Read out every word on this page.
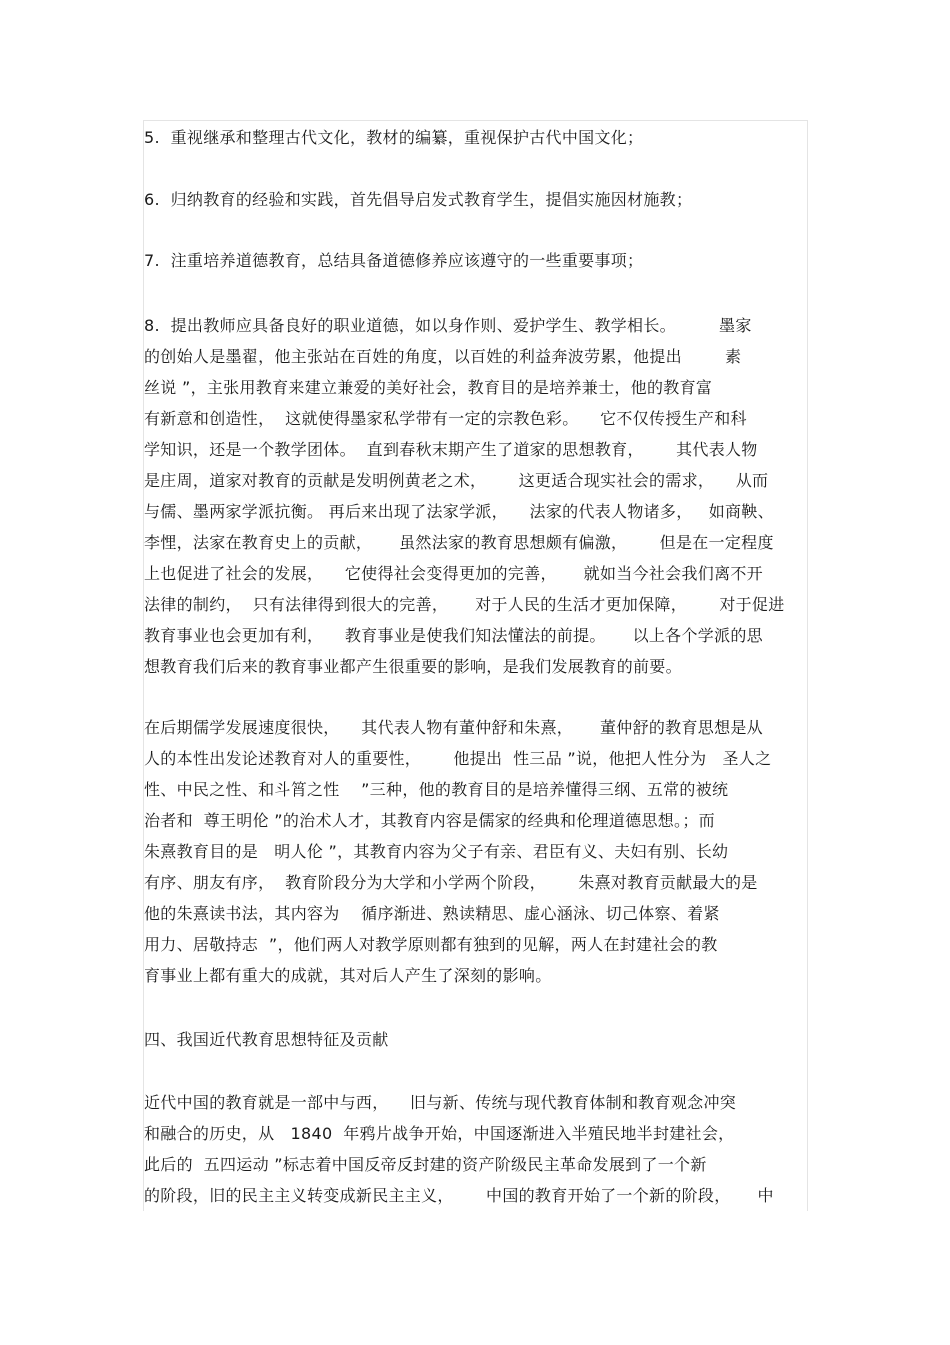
5.  重视继承和整理古代文化，教材的编纂，重视保护古代中国文化；
6.  归纳教育的经验和实践，首先倡导启发式教育学生，提倡实施因材施教；
7.  注重培养道德教育，总结具备道德修养应该遵守的一些重要事项；
8.  提出教师应具备良好的职业道德，如以身作则、爱护学生、教学相长。        墨家
的创始人是墨翟，他主张站在百姓的角度，以百姓的利益奔波劳累，他提出        素
丝说 ”，主张用教育来建立兼爱的美好社会，教育目的是培养兼士，他的教育富
有新意和创造性，  这就使得墨家私学带有一定的宗教色彩。    它不仅传授生产和科
学知识，还是一个教学团体。  直到春秋末期产生了道家的思想教育，      其代表人物
是庄周，道家对教育的贡献是发明例黄老之术，      这更适合现实社会的需求，    从而
与儒、墨两家学派抗衡。 再后来出现了法家学派，    法家的代表人物诸多，   如商鞅、
李悝，法家在教育史上的贡献，     虽然法家的教育思想颇有偏激，      但是在一定程度
上也促进了社会的发展，    它使得社会变得更加的完善，     就如当今社会我们离不开
法律的制约，  只有法律得到很大的完善，     对于人民的生活才更加保障，      对于促进
教育事业也会更加有利，    教育事业是使我们知法懂法的前提。     以上各个学派的思
想教育我们后来的教育事业都产生很重要的影响，是我们发展教育的前要。
在后期儒学发展速度很快，    其代表人物有董仲舒和朱熹，     董仲舒的教育思想是从
人的本性出发论述教育对人的重要性，      他提出  性三品 ”说，他把人性分为   圣人之
性、中民之性、和斗筲之性    ”三种，他的教育目的是培养懂得三纲、五常的被统
治者和  尊王明伦 ”的治术人才，其教育内容是儒家的经典和伦理道德思想。；而
朱熹教育目的是   明人伦 ”，其教育内容为父子有亲、君臣有义、夫妇有别、长幼
有序、朋友有序，  教育阶段分为大学和小学两个阶段，      朱熹对教育贡献最大的是
他的朱熹读书法，其内容为    循序渐进、熟读精思、虚心涵泳、切己体察、着紧
用力、居敬持志  ”，他们两人对教学原则都有独到的见解，两人在封建社会的教
育事业上都有重大的成就，其对后人产生了深刻的影响。
四、我国近代教育思想特征及贡献
近代中国的教育就是一部中与西，    旧与新、传统与现代教育体制和教育观念冲突
和融合的历史，从   1840  年鸦片战争开始，中国逐渐进入半殖民地半封建社会，
此后的  五四运动 ”标志着中国反帝反封建的资产阶级民主革命发展到了一个新
的阶段，旧的民主主义转变成新民主主义，      中国的教育开始了一个新的阶段，     中
